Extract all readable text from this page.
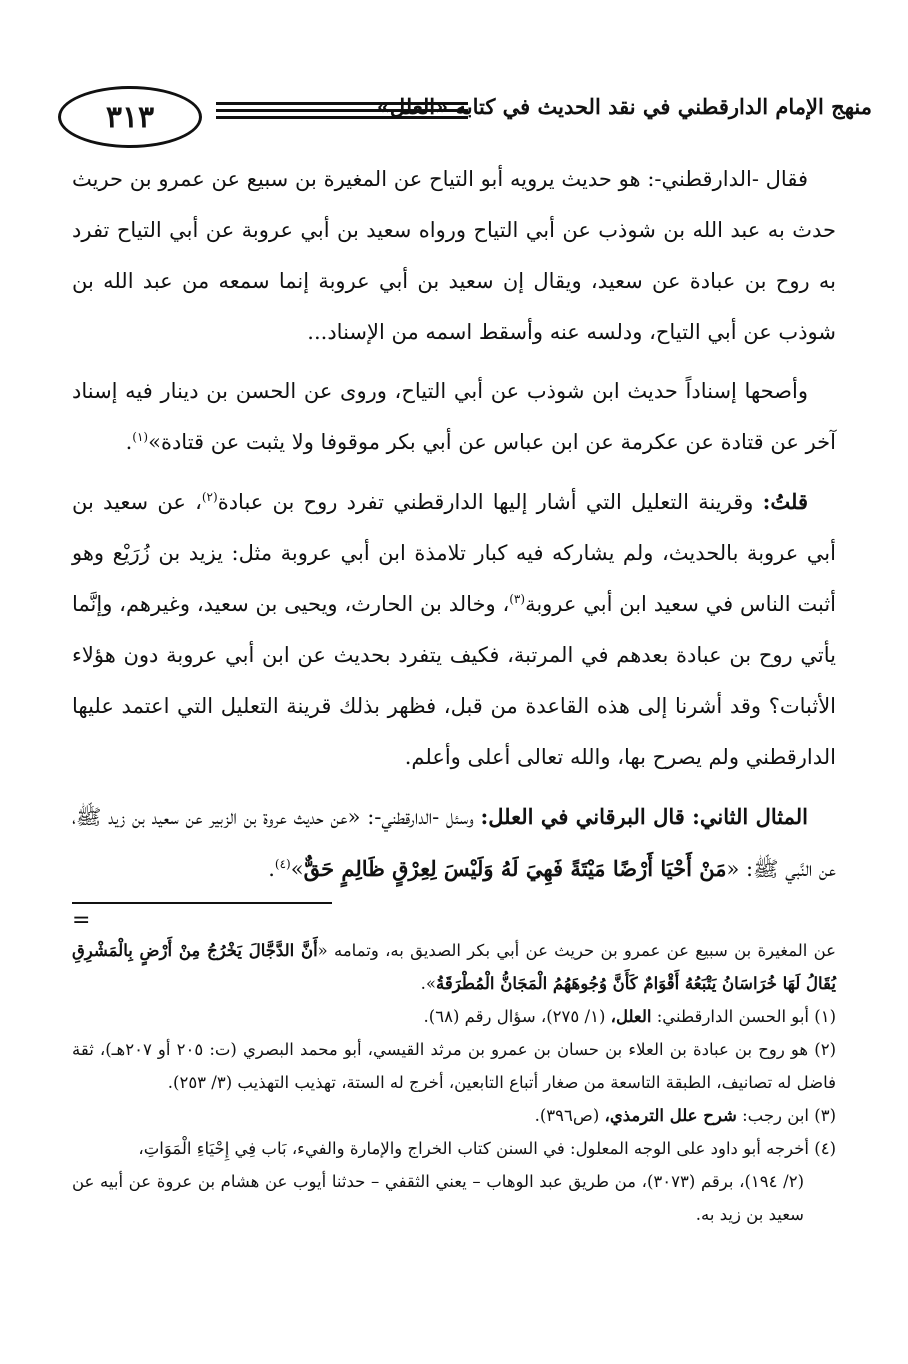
٣١٣	منهج الإمام الدارقطني في نقد الحديث في كتابه «العلل»

فقال -الدارقطني-: هو حديث يرويه أبو التياح عن المغيرة بن سبيع عن عمرو بن حريث حدث به عبد الله بن شوذب عن أبي التياح ورواه سعيد بن أبي عروبة عن أبي التياح تفرد به روح بن عبادة عن سعيد، ويقال إن سعيد بن أبي عروبة إنما سمعه من عبد الله بن شوذب عن أبي التياح، ودلسه عنه وأسقط اسمه من الإسناد...

وأصحها إسناداً حديث ابن شوذب عن أبي التياح، وروى عن الحسن بن دينار فيه إسناد آخر عن قتادة عن عكرمة عن ابن عباس عن أبي بكر موقوفا ولا يثبت عن قتادة»$^{(١)}$.

قلتُ: وقرينة التعليل التي أشار إليها الدارقطني تفرد روح بن عبادة$^{(٢)}$، عن سعيد بن أبي عروبة بالحديث، ولم يشاركه فيه كبار تلامذة ابن أبي عروبة مثل: يزيد بن زُرَيْع وهو أثبت الناس في سعيد ابن أبي عروبة$^{(٣)}$، وخالد بن الحارث، ويحيى بن سعيد، وغيرهم، وإنَّما يأتي روح بن عبادة بعدهم في المرتبة، فكيف يتفرد بحديث عن ابن أبي عروبة دون هؤلاء الأثبات؟ وقد أشرنا إلى هذه القاعدة من قبل، فظهر بذلك قرينة التعليل التي اعتمد عليها الدارقطني ولم يصرح بها، والله تعالى أعلى وأعلم.

المثال الثاني: قال البرقاني في العلل: وسئل -الدارقطني-: «عن حديث عروة بن الزبير عن سعيد بن زيد ﷺ، عن النَّبي ﷺ: «مَنْ أَحْيَا أَرْضًا مَيْتَةً فَهِيَ لَهُ وَلَيْسَ لِعِرْقٍ ظَالِمٍ حَقٌّ»$^{(٤)}$.

=

عن المغيرة بن سبيع عن عمرو بن حريث عن أبي بكر الصديق به، وتمامه «أَنَّ الدَّجَّالَ يَخْرُجُ مِنْ أَرْضٍ بِالْمَشْرِقِ يُقَالُ لَهَا خُرَاسَانُ يَتْبَعُهُ أَقْوَامٌ كَأَنَّ وُجُوهَهُمُ الْمَجَانُّ الْمُطْرَقَةُ».

(١) أبو الحسن الدارقطني: العلل، (١/ ٢٧٥)، سؤال رقم (٦٨).

(٢) هو روح بن عبادة بن العلاء بن حسان بن عمرو بن مرثد القيسي، أبو محمد البصري (ت: ٢٠٥ أو ٢٠٧هـ)، ثقة فاضل له تصانيف، الطبقة التاسعة من صغار أتباع التابعين، أخرج له الستة، تهذيب التهذيب (٣/ ٢٥٣).

(٣) ابن رجب: شرح علل الترمذي، (ص٣٩٦).

(٤) أخرجه أبو داود على الوجه المعلول: في السنن كتاب الخراج والإمارة والفيء، بَاب فِي إِحْيَاءِ الْمَوَاتِ،

(٢/ ١٩٤)، برقم (٣٠٧٣)، من طريق عبد الوهاب – يعني الثقفي – حدثنا أيوب عن هشام بن عروة عن أبيه عن سعيد بن زيد به.
